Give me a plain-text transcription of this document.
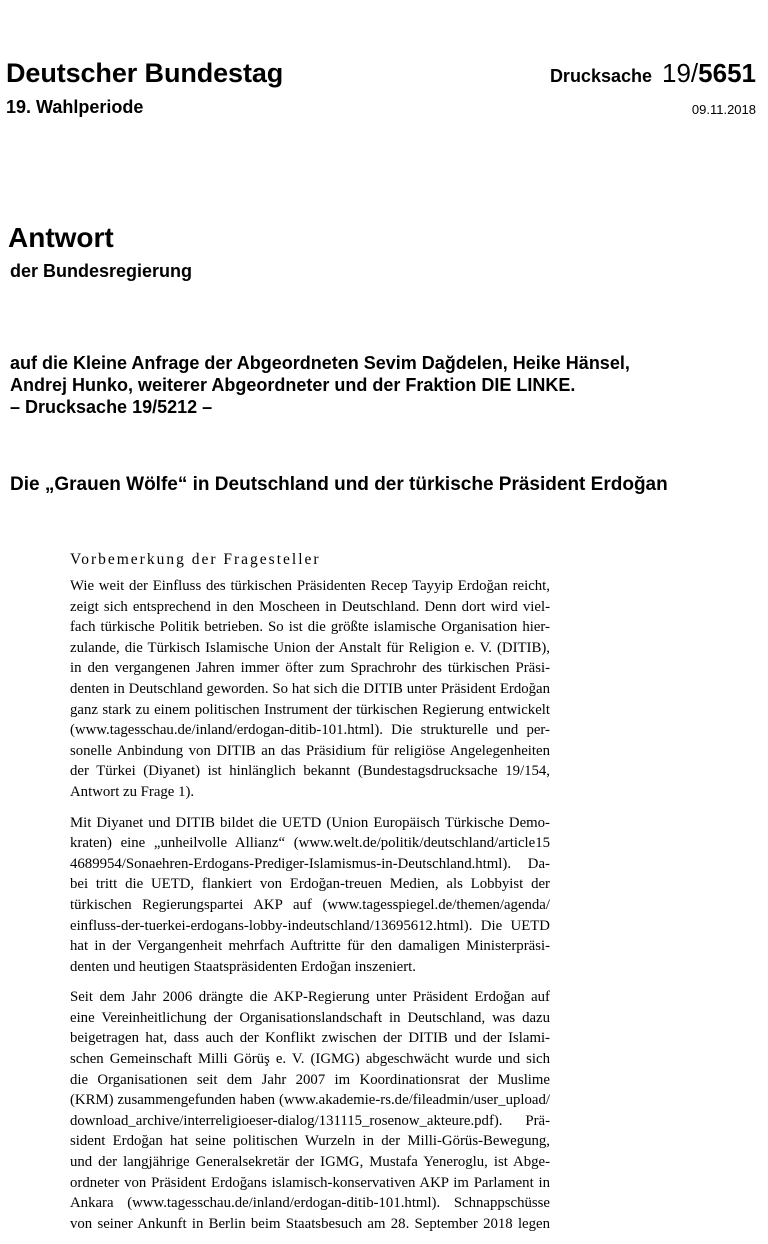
Deutscher Bundestag	Drucksache 19/ 5651
19. Wahlperiode	09.11.2018
Antwort
der Bundesregierung

auf die Kleine Anfrage der Abgeordneten Sevim Dağdelen, Heike Hänsel,
Andrej Hunko, weiterer Abgeordneter und der Fraktion DIE LINKE.
– Drucksache 19/5212 –

Die „Grauen Wölfe“ in Deutschland und der türkische Präsident Erdoğan
Vorbemerkung der Fragesteller

Wie weit der Einfluss des türkischen Präsidenten Recep Tayyip Erdoğan reicht,
zeigt sich entsprechend in den Moscheen in Deutschland. Denn dort wird viel-
fach türkische Politik betrieben. So ist die größte islamische Organisation hier-
zulande, die Türkisch Islamische Union der Anstalt für Religion e. V. (DITIB),
in den vergangenen Jahren immer öfter zum Sprachrohr des türkischen Präsi-
denten in Deutschland geworden. So hat sich die DITIB unter Präsident Erdoğan
ganz stark zu einem politischen Instrument der türkischen Regierung entwickelt
(www.tagesschau.de/inland/erdogan-ditib-101.html). Die strukturelle und per-
sonelle Anbindung von DITIB an das Präsidium für religiöse Angelegenheiten
der Türkei (Diyanet) ist hinlänglich bekannt (Bundestagsdrucksache 19/154,
Antwort zu Frage 1).

Mit Diyanet und DITIB bildet die UETD (Union Europäisch Türkische Demo-
kraten) eine „unheilvolle Allianz“ (www.welt.de/politik/deutschland/article15
4689954/Sonaehren-Erdogans-Prediger-Islamismus-in-Deutschland.html). Da-
bei tritt die UETD, flankiert von Erdoğan-treuen Medien, als Lobbyist der
türkischen Regierungspartei AKP auf (www.tagesspiegel.de/themen/agenda/
einfluss-der-tuerkei-erdogans-lobby-indeutschland/13695612.html). Die UETD
hat in der Vergangenheit mehrfach Auftritte für den damaligen Ministerpräsi-
denten und heutigen Staatspräsidenten Erdoğan inszeniert.

Seit dem Jahr 2006 drängte die AKP-Regierung unter Präsident Erdoğan auf
eine Vereinheitlichung der Organisationslandschaft in Deutschland, was dazu
beigetragen hat, dass auch der Konflikt zwischen der DITIB und der Islami-
schen Gemeinschaft Milli Görüş e. V. (IGMG) abgeschwächt wurde und sich
die Organisationen seit dem Jahr 2007 im Koordinationsrat der Muslime
(KRM) zusammengefunden haben (www.akademie-rs.de/fileadmin/user_upload/
download_archive/interreligioeser-dialog/131115_rosenow_akteure.pdf). Prä-
sident Erdoğan hat seine politischen Wurzeln in der Milli-Görüs-Bewegung,
und der langjährige Generalsekretär der IGMG, Mustafa Yeneroglu, ist Abge-
ordneter von Präsident Erdoğans islamisch-konservativen AKP im Parlament in
Ankara (www.tagesschau.de/inland/erdogan-ditib-101.html). Schnappschüsse
von seiner Ankunft in Berlin beim Staatsbesuch am 28. September 2018 legen
